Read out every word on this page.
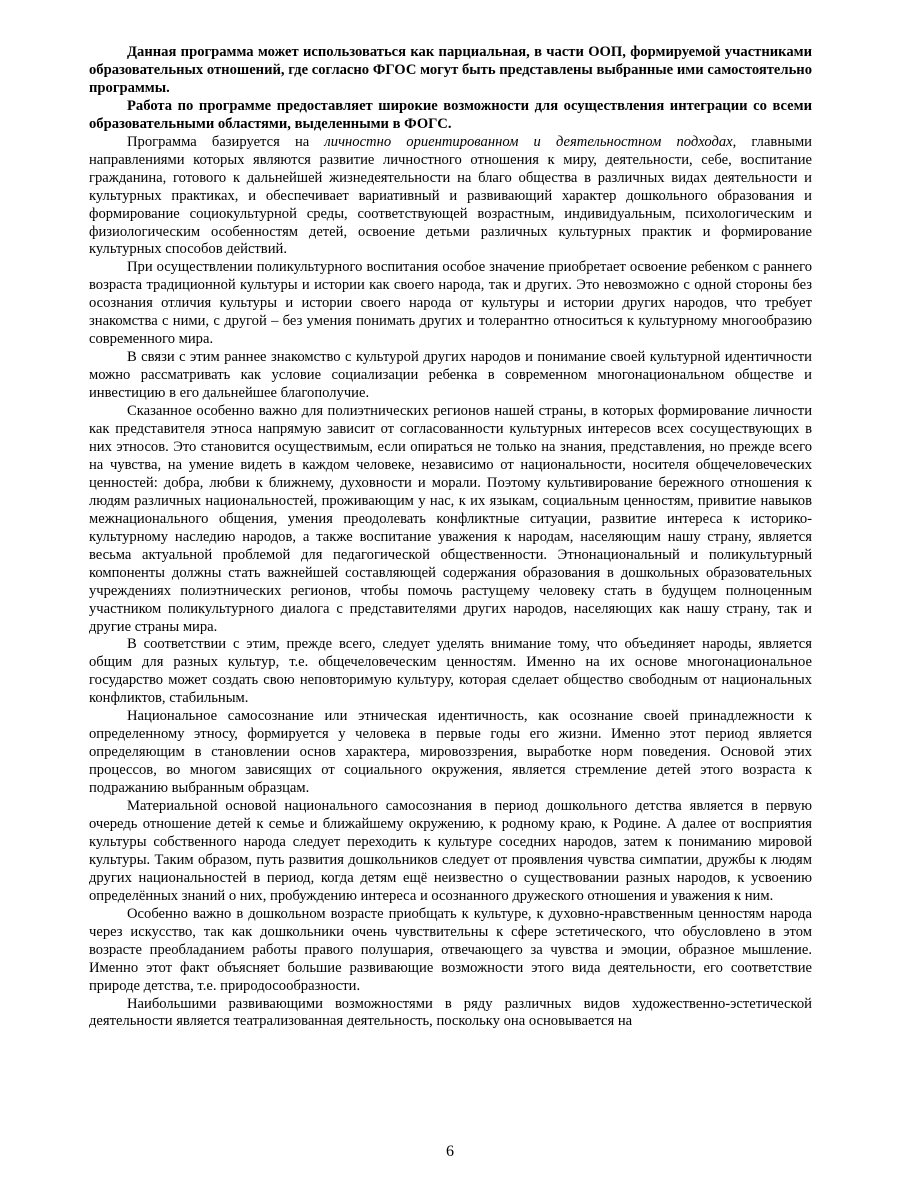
Данная программа может использоваться как парциальная, в части ООП, формируемой участниками образовательных отношений, где согласно ФГОС могут быть представлены выбранные ими самостоятельно программы.

Работа по программе предоставляет широкие возможности для осуществления интеграции со всеми образовательными областями, выделенными в ФОГС.

Программа базируется на личностно ориентированном и деятельностном подходах, главными направлениями которых являются развитие личностного отношения к миру, деятельности, себе, воспитание гражданина, готового к дальнейшей жизнедеятельности на благо общества в различных видах деятельности и культурных практиках, и обеспечивает вариативный и развивающий характер дошкольного образования и формирование социокультурной среды, соответствующей возрастным, индивидуальным, психологическим и физиологическим особенностям детей, освоение детьми различных культурных практик и формирование культурных способов действий.

При осуществлении поликультурного воспитания особое значение приобретает освоение ребенком с раннего возраста традиционной культуры и истории как своего народа, так и других. Это невозможно с одной стороны без осознания отличия культуры и истории своего народа от культуры и истории других народов, что требует знакомства с ними, с другой – без умения понимать других и толерантно относиться к культурному многообразию современного мира.

В связи с этим раннее знакомство с культурой других народов и понимание своей культурной идентичности можно рассматривать как условие социализации ребенка в современном многонациональном обществе и инвестицию в его дальнейшее благополучие.

Сказанное особенно важно для полиэтнических регионов нашей страны, в которых формирование личности как представителя этноса напрямую зависит от согласованности культурных интересов всех сосуществующих в них этносов. Это становится осуществимым, если опираться не только на знания, представления, но прежде всего на чувства, на умение видеть в каждом человеке, независимо от национальности, носителя общечеловеческих ценностей: добра, любви к ближнему, духовности и морали. Поэтому культивирование бережного отношения к людям различных национальностей, проживающим у нас, к их языкам, социальным ценностям, привитие навыков межнационального общения, умения преодолевать конфликтные ситуации, развитие интереса к историко-культурному наследию народов, а также воспитание уважения к народам, населяющим нашу страну, является весьма актуальной проблемой для педагогической общественности. Этнонациональный и поликультурный компоненты должны стать важнейшей составляющей содержания образования в дошкольных образовательных учреждениях полиэтнических регионов, чтобы помочь растущему человеку стать в будущем полноценным участником поликультурного диалога с представителями других народов, населяющих как нашу страну, так и другие страны мира.

В соответствии с этим, прежде всего, следует уделять внимание тому, что объединяет народы, является общим для разных культур, т.е. общечеловеческим ценностям. Именно на их основе многонациональное государство может создать свою неповторимую культуру, которая сделает общество свободным от национальных конфликтов, стабильным.

Национальное самосознание или этническая идентичность, как осознание своей принадлежности к определенному этносу, формируется у человека в первые годы его жизни. Именно этот период является определяющим в становлении основ характера, мировоззрения, выработке норм поведения. Основой этих процессов, во многом зависящих от социального окружения, является стремление детей этого возраста к подражанию выбранным образцам.

Материальной основой национального самосознания в период дошкольного детства является в первую очередь отношение детей к семье и ближайшему окружению, к родному краю, к Родине. А далее от восприятия культуры собственного народа следует переходить к культуре соседних народов, затем к пониманию мировой культуры. Таким образом, путь развития дошкольников следует от проявления чувства симпатии, дружбы к людям других национальностей в период, когда детям ещё неизвестно о существовании разных народов, к усвоению определённых знаний о них, пробуждению интереса и осознанного дружеского отношения и уважения к ним.

Особенно важно в дошкольном возрасте приобщать к культуре, к духовно-нравственным ценностям народа через искусство, так как дошкольники очень чувствительны к сфере эстетического, что обусловлено в этом возрасте преобладанием работы правого полушария, отвечающего за чувства и эмоции, образное мышление. Именно этот факт объясняет большие развивающие возможности этого вида деятельности, его соответствие природе детства, т.е. природосообразности.

Наибольшими развивающими возможностями в ряду различных видов художественно-эстетической деятельности является театрализованная деятельность, поскольку она основывается на

6
